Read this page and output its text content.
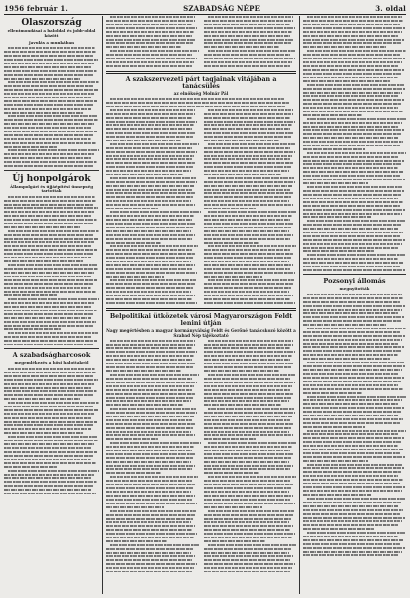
1956 február 1.	SZABADSÁG NÉPE	3. oldal
Olaszország
ellentmondásai a baloldal és jobb-oldal között
Javulás a munkában
Új honpolgárok
Állampolgári és újjáépítési ünnepség tartottak
A szabadságharcosok
megemlékezés a hősi halottakról
A szakszervezeti párt tagjainak vitájában a tanácsülés
az elnökség Molnár Pál
Belpolitikai ütközetek városi Magyarországon Feldt lenini útján
Nagy megértésben a magyar kormányválság Feldt és Gerőné tanácskozó között a Szabad Nép tájékoztató
Pozsonyi állomás
megnyitották
